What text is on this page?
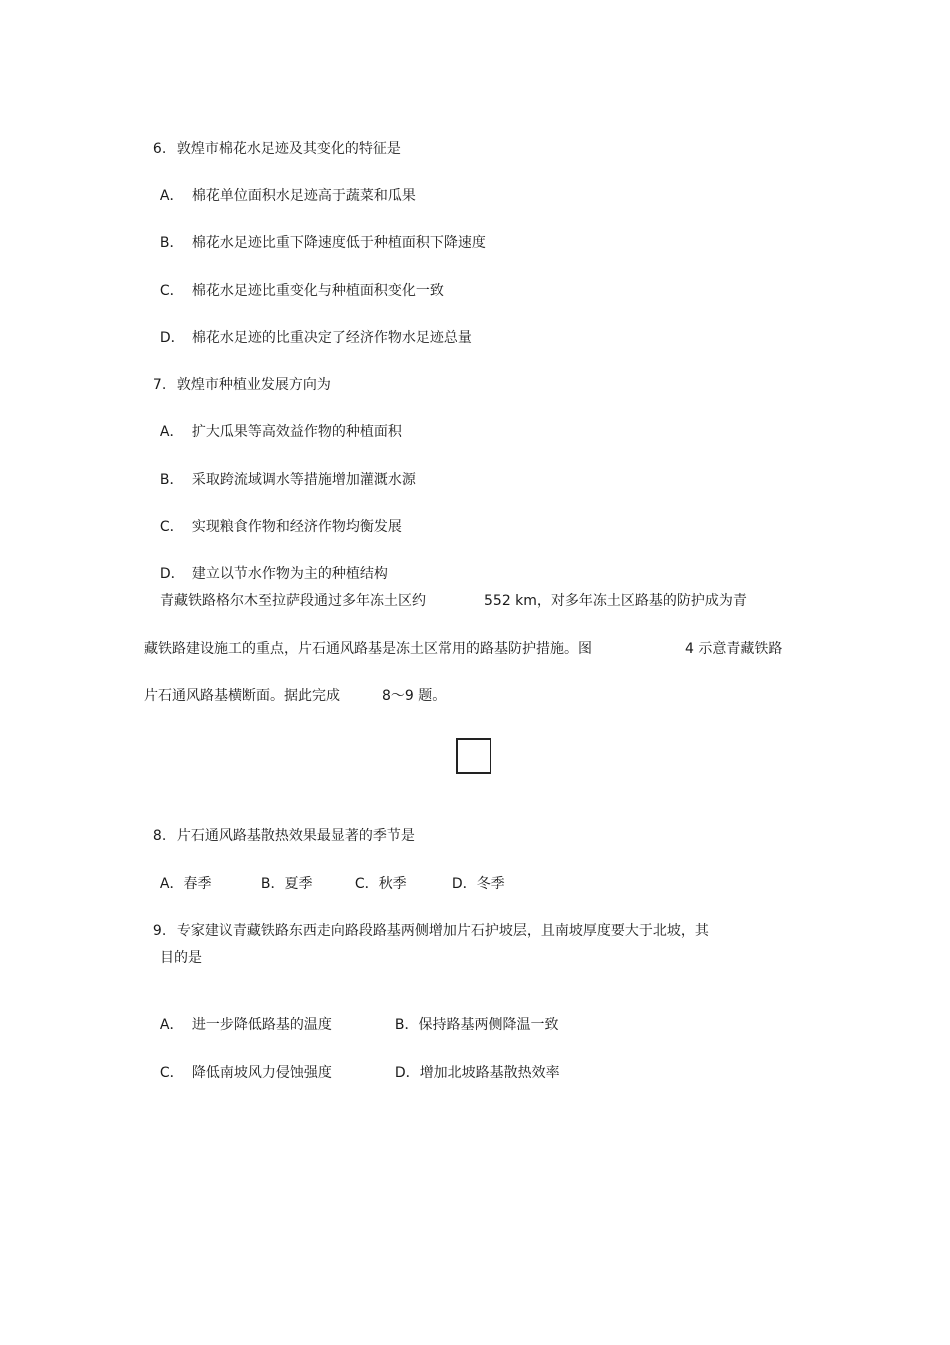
6. 敦煌市棉花水足迹及其变化的特征是

A． 棉花单位面积水足迹高于蔬菜和瓜果

B． 棉花水足迹比重下降速度低于种植面积下降速度

C． 棉花水足迹比重变化与种植面积变化一致

D． 棉花水足迹的比重决定了经济作物水足迹总量

7. 敦煌市种植业发展方向为

A． 扩大瓜果等高效益作物的种植面积

B． 采取跨流域调水等措施增加灌溉水源

C． 实现粮食作物和经济作物均衡发展

D． 建立以节水作物为主的种植结构

青藏铁路格尔木至拉萨段通过多年冻土区约	552 km，对多年冻土区路基的防护成为青
藏铁路建设施工的重点，片石通风路基是冻土区常用的路基防护措施。图	4 示意青藏铁路
片石通风路基横断面。据此完成	8～9 题。

8. 片石通风路基散热效果最显著的季节是

A．春季	B．夏季	C．秋季	D．冬季

9. 专家建议青藏铁路东西走向路段路基两侧增加片石护坡层，且南坡厚度要大于北坡，其

目的是

A． 进一步降低路基的温度	B．保持路基两侧降温一致

C． 降低南坡风力侵蚀强度	D．增加北坡路基散热效率
